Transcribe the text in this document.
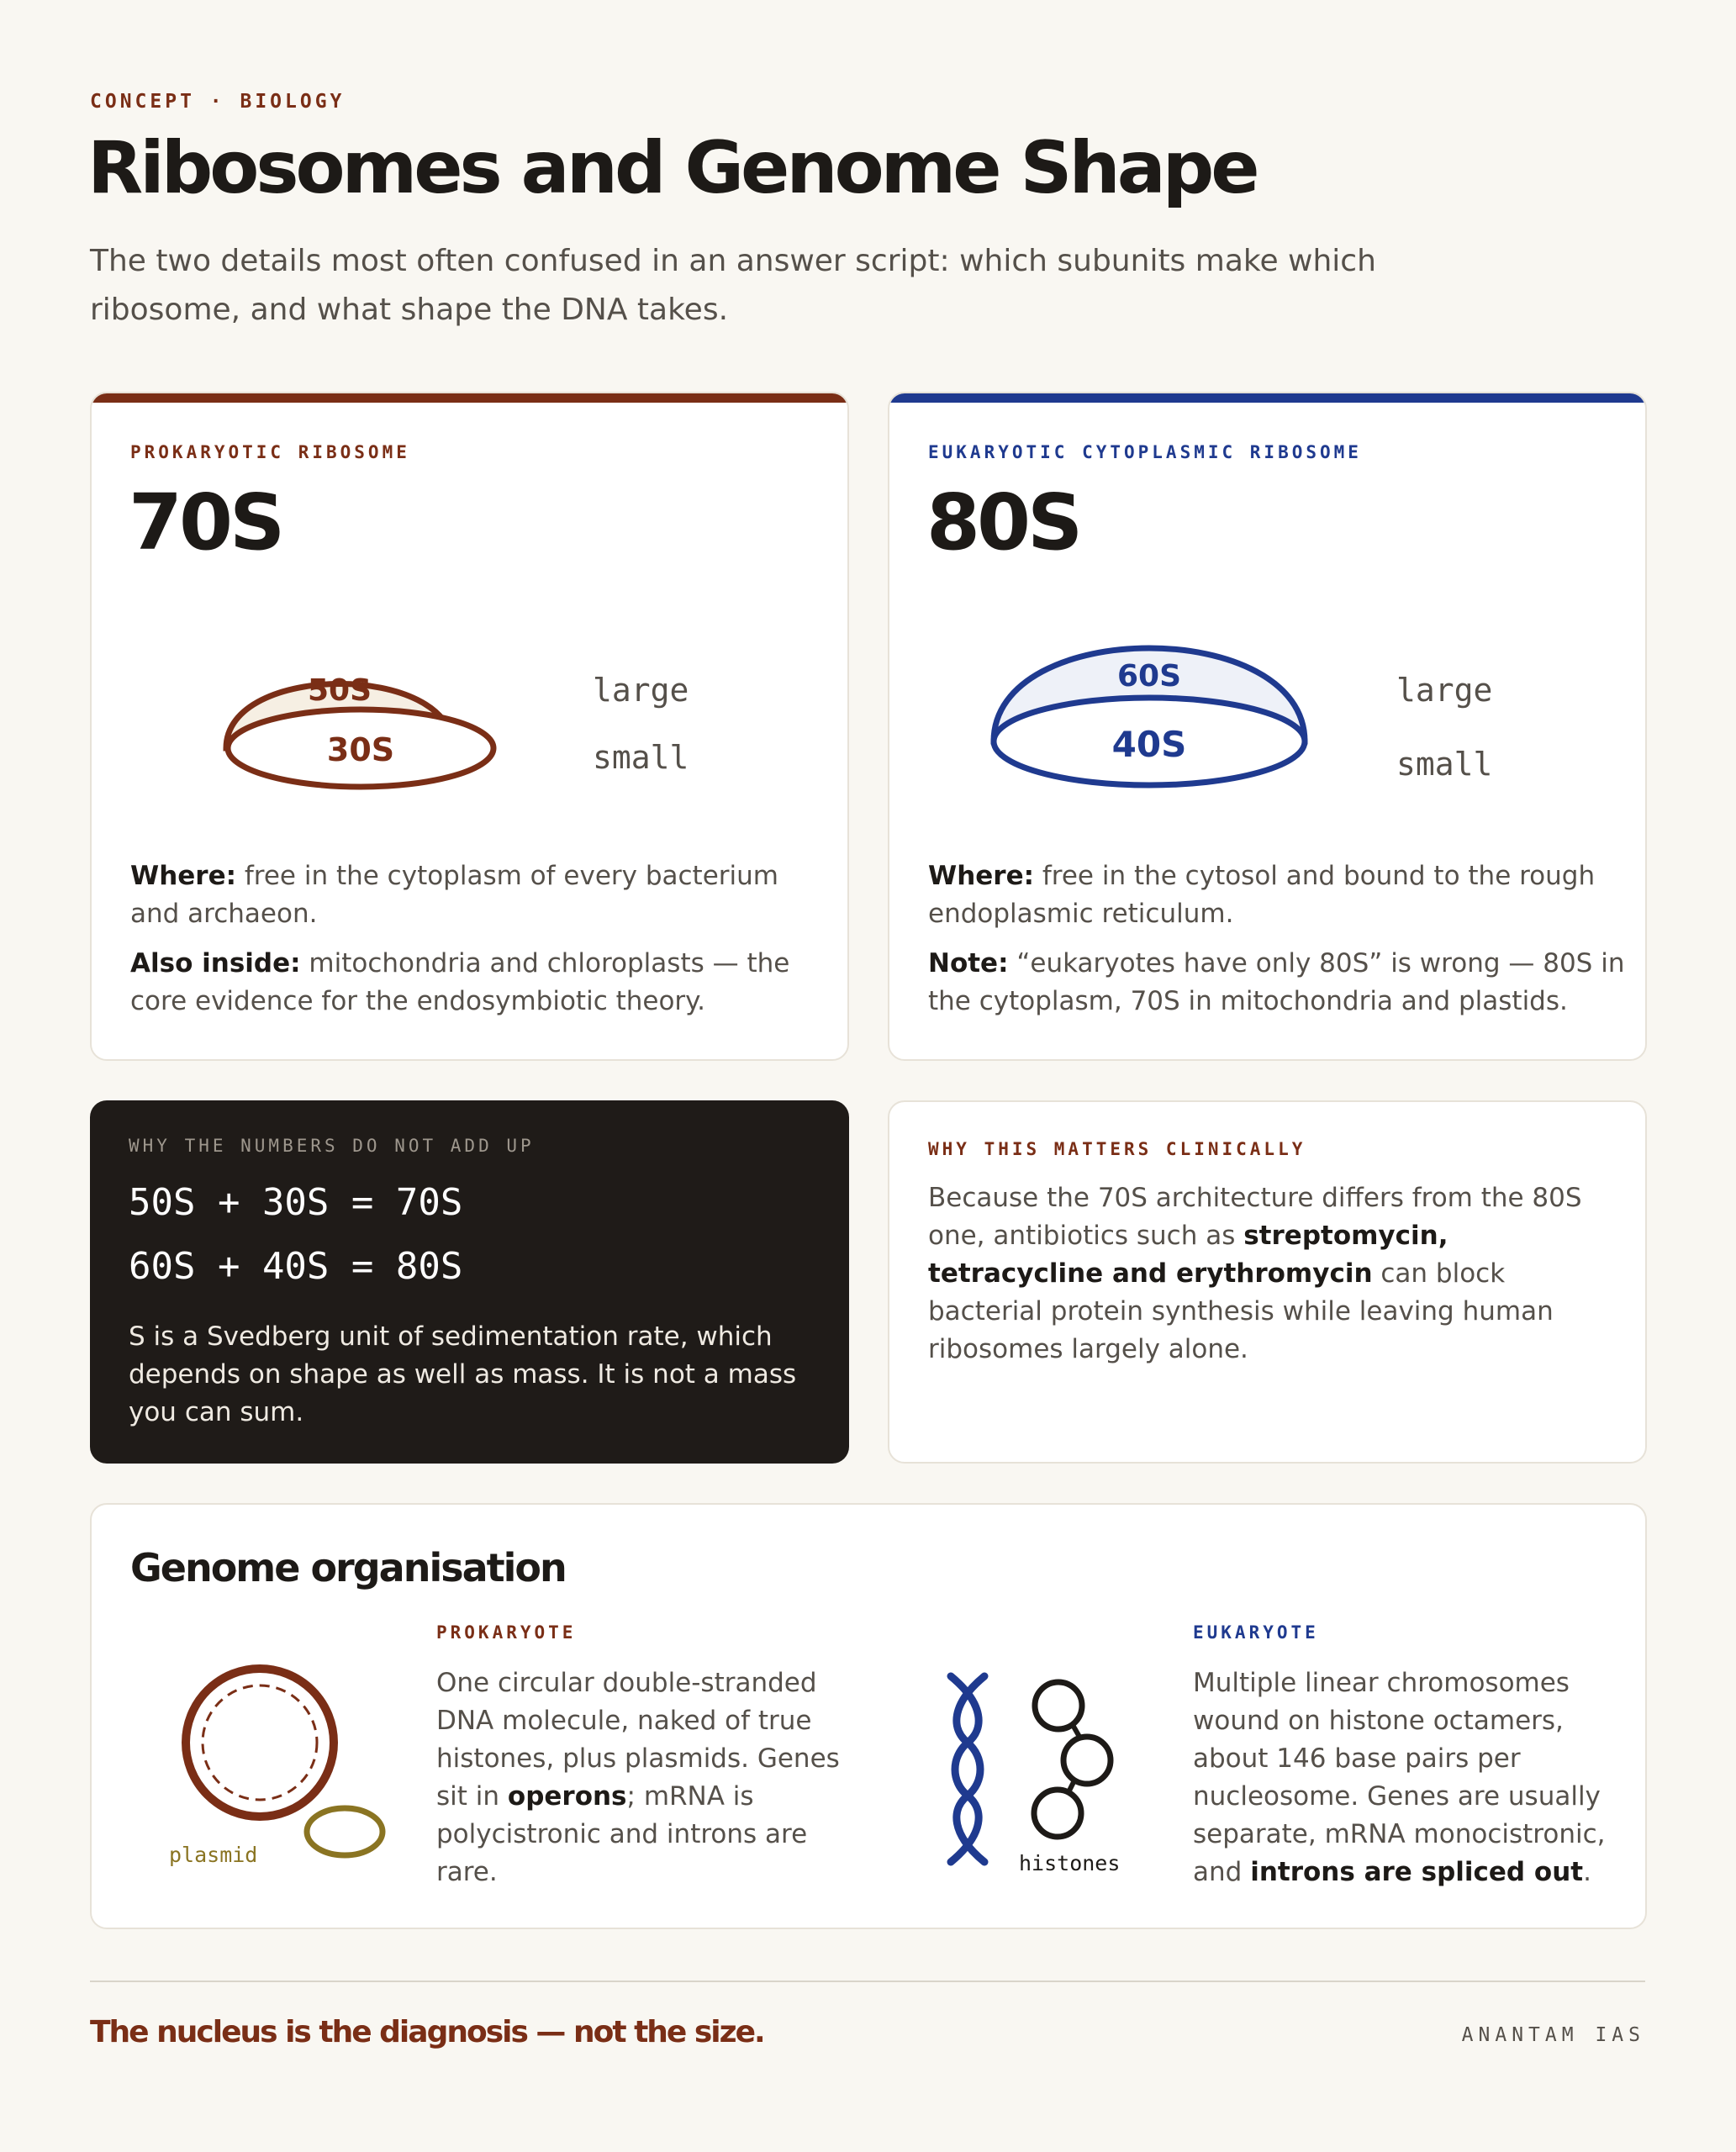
CONCEPT · BIOLOGY
Ribosomes and Genome Shape

The two details most often confused in an answer script: which subunits make which ribosome, and what shape the DNA takes.

PROKARYOTIC RIBOSOME
70S
50S
30S
large
small

Where: free in the cytoplasm of every bacterium and archaeon.

Also inside: mitochondria and chloroplasts — the core evidence for the endosymbiotic theory.

EUKARYOTIC CYTOPLASMIC RIBOSOME
80S
60S
40S
large
small

Where: free in the cytosol and bound to the rough endoplasmic reticulum.

Note: “eukaryotes have only 80S” is wrong — 80S in the cytoplasm, 70S in mitochondria and plastids.

WHY THE NUMBERS DO NOT ADD UP
50S + 30S = 70S
60S + 40S = 80S

S is a Svedberg unit of sedimentation rate, which depends on shape as well as mass. It is not a mass you can sum.

WHY THIS MATTERS CLINICALLY

Because the 70S architecture differs from the 80S one, antibiotics such as streptomycin, tetracycline and erythromycin can block bacterial protein synthesis while leaving human ribosomes largely alone.

Genome organisation
plasmid
PROKARYOTE

One circular double-stranded DNA molecule, naked of true histones, plus plasmids. Genes sit in operons; mRNA is polycistronic and introns are rare.	histones
EUKARYOTE

Multiple linear chromosomes wound on histone octamers, about 146 base pairs per nucleosome. Genes are usually separate, mRNA monocistronic, and introns are spliced out.

The nucleus is the diagnosis — not the size.	ANANTAM IAS
